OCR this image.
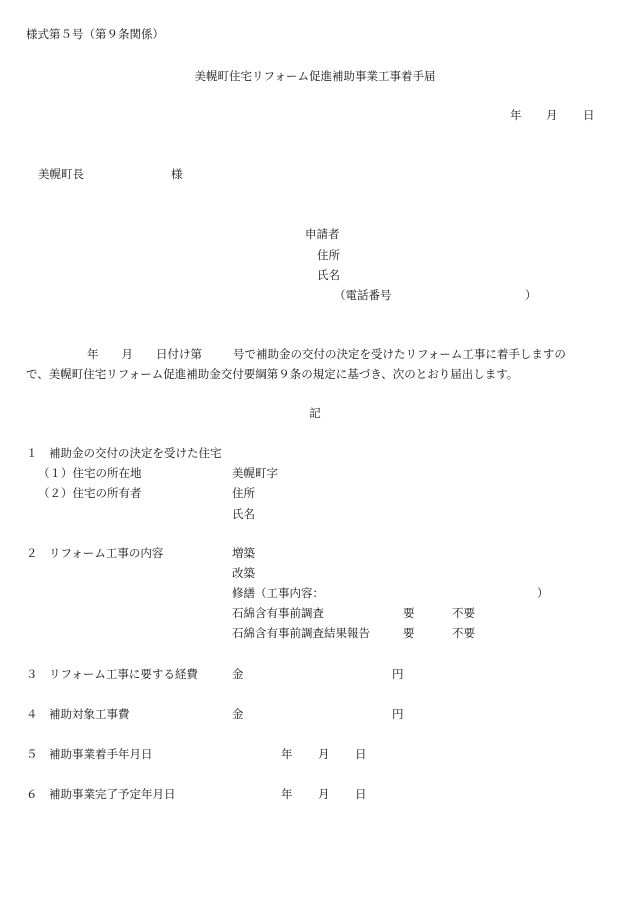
様式第５号（第９条関係）
美幌町住宅リフォーム促進補助事業工事着手届
年 月 日
美幌町長	様
申請者
住所
氏名
（電話番号	）

年 月 日付け第	号で補助金の交付の決定を受けたリフォーム工事に着手しますの

で、美幌町住宅リフォーム促進補助金交付要綱第９条の規定に基づき、次のとおり届出します。

記
１ 補助金の交付の決定を受けた住宅
（１）住宅の所在地	美幌町字
（２）住宅の所有者	住所
氏名
２ リフォーム工事の内容	増築
改築
修繕（工事内容：	）
石綿含有事前調査	要	不要
石綿含有事前調査結果報告	要	不要
３ リフォーム工事に要する経費	金	円
４ 補助対象工事費	金	円
５ 補助事業着手年月日	年 月 日
６ 補助事業完了予定年月日	年 月 日
